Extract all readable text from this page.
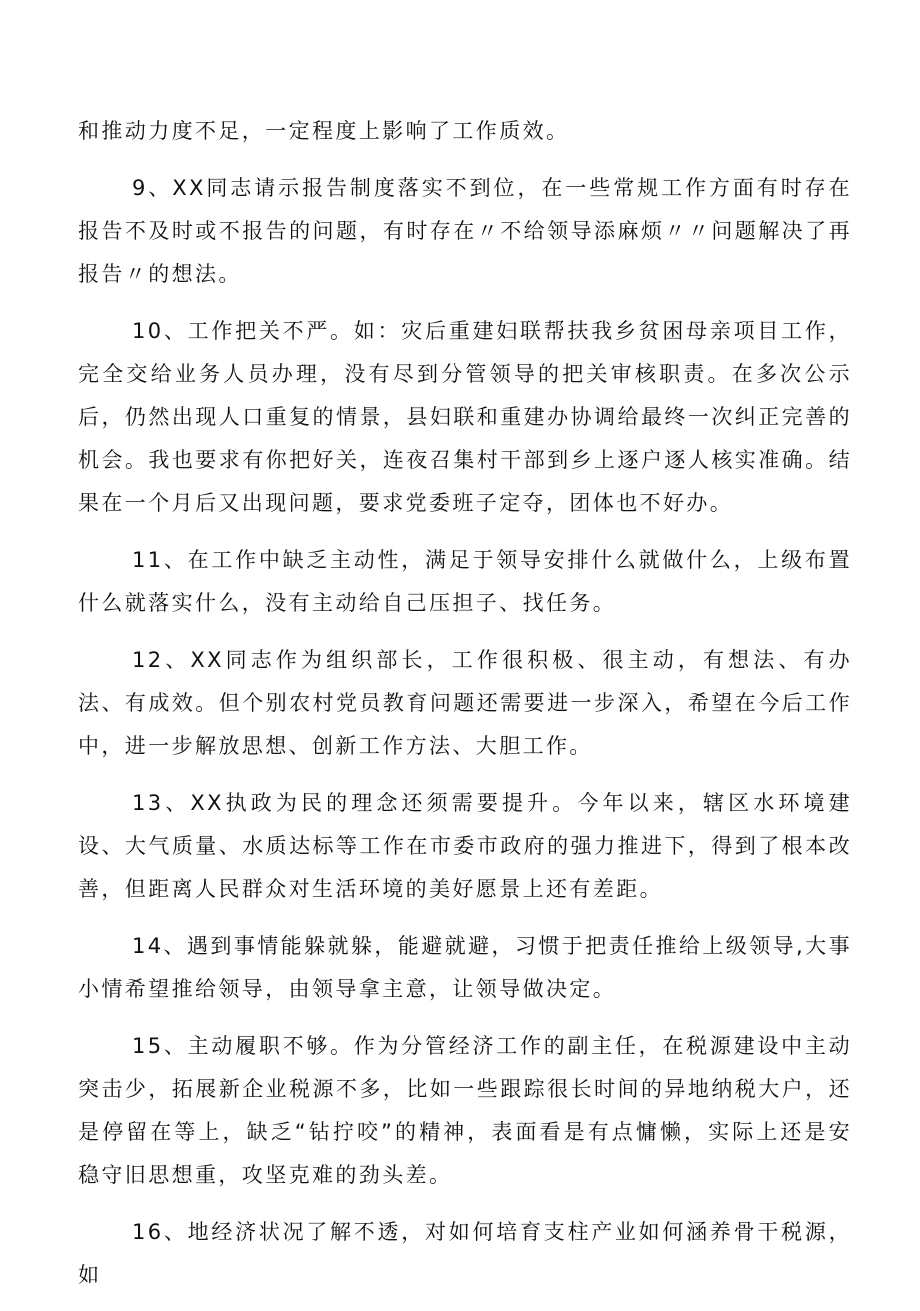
和推动力度不足，一定程度上影响了工作质效。

9、XX同志请示报告制度落实不到位，在一些常规工作方面有时存在报告不及时或不报告的问题，有时存在〃不给领导添麻烦〃〃问题解决了再报告〃的想法。

10、工作把关不严。如：灾后重建妇联帮扶我乡贫困母亲项目工作，完全交给业务人员办理，没有尽到分管领导的把关审核职责。在多次公示后，仍然出现人口重复的情景，县妇联和重建办协调给最终一次纠正完善的机会。我也要求有你把好关，连夜召集村干部到乡上逐户逐人核实准确。结果在一个月后又出现问题，要求党委班子定夺，团体也不好办。

11、在工作中缺乏主动性，满足于领导安排什么就做什么，上级布置什么就落实什么，没有主动给自己压担子、找任务。

12、XX同志作为组织部长，工作很积极、很主动，有想法、有办法、有成效。但个别农村党员教育问题还需要进一步深入，希望在今后工作中，进一步解放思想、创新工作方法、大胆工作。

13、XX执政为民的理念还须需要提升。今年以来，辖区水环境建设、大气质量、水质达标等工作在市委市政府的强力推进下，得到了根本改善，但距离人民群众对生活环境的美好愿景上还有差距。

14、遇到事情能躲就躲，能避就避，习惯于把责任推给上级领导,大事小情希望推给领导，由领导拿主意，让领导做决定。

15、主动履职不够。作为分管经济工作的副主任，在税源建设中主动突击少，拓展新企业税源不多，比如一些跟踪很长时间的异地纳税大户，还是停留在等上，缺乏“钻拧咬”的精神，表面看是有点慵懒，实际上还是安稳守旧思想重，攻坚克难的劲头差。

16、地经济状况了解不透，对如何培育支柱产业如何涵养骨干税源，如
